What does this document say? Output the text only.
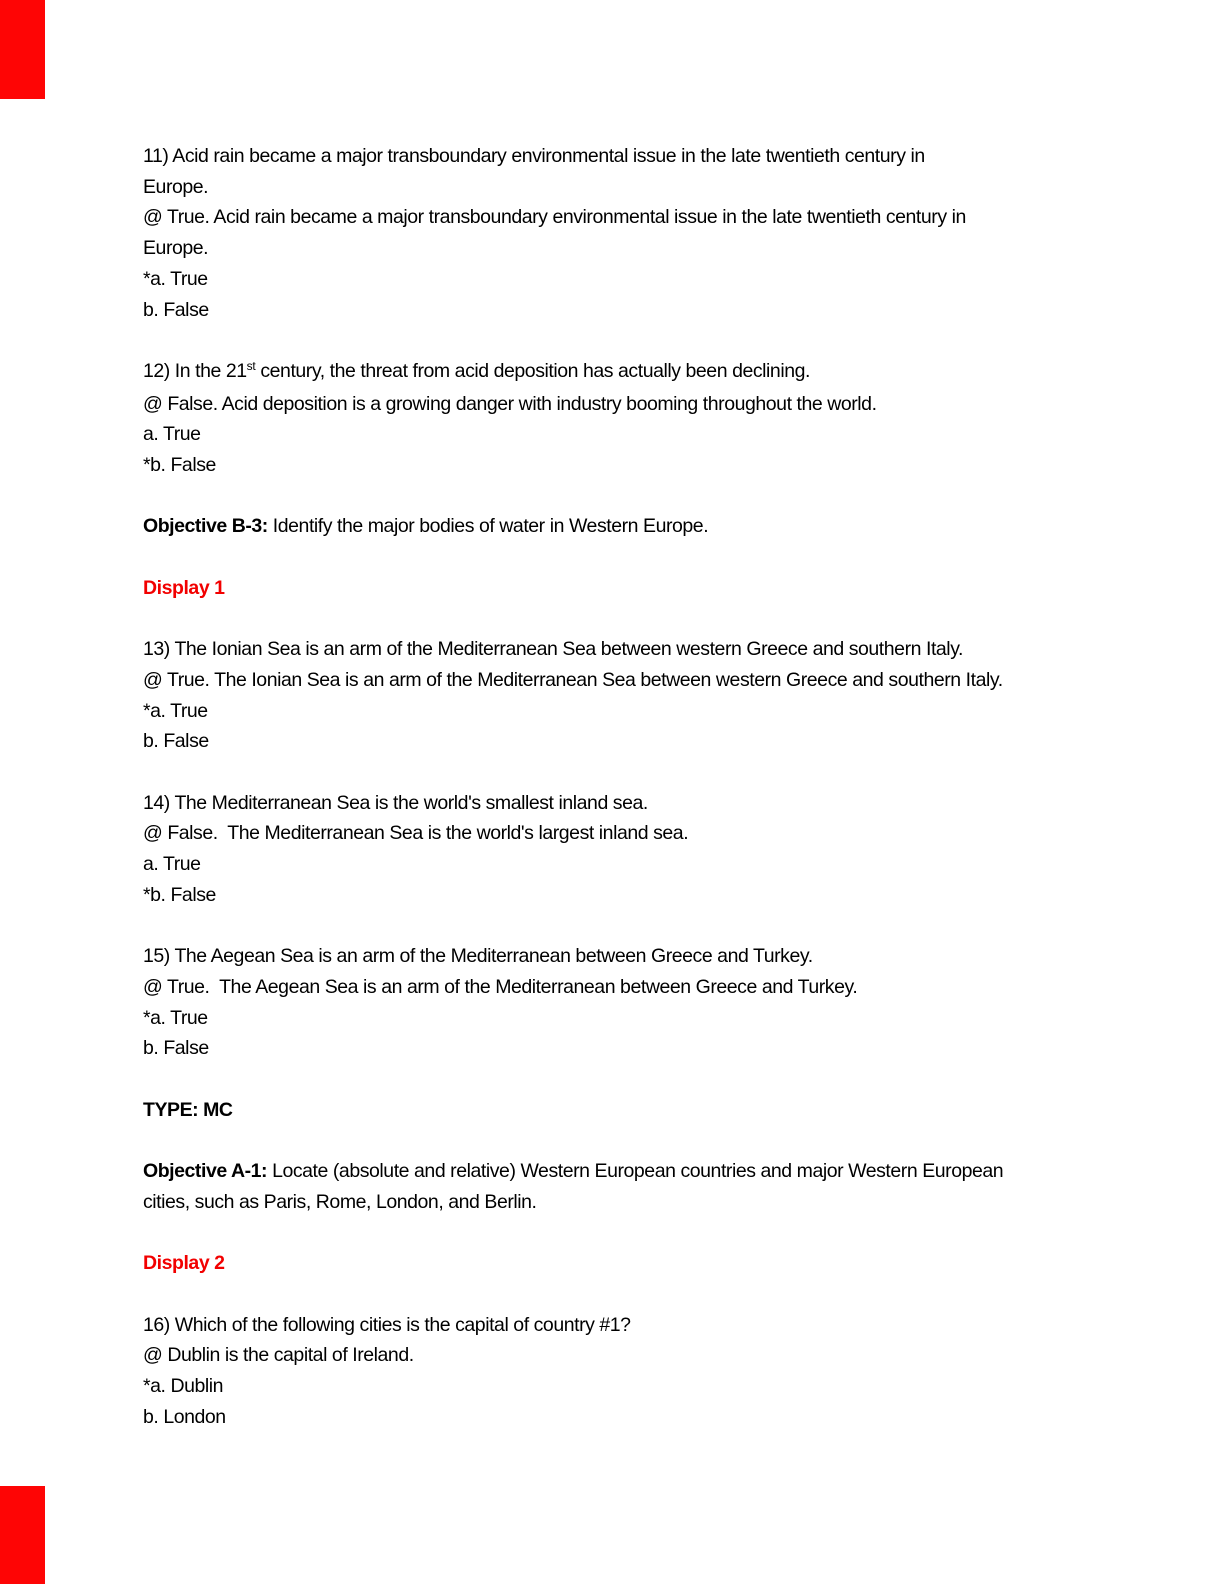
11) Acid rain became a major transboundary environmental issue in the late twentieth century in
Europe.
@ True. Acid rain became a major transboundary environmental issue in the late twentieth century in
Europe.
*a. True
b. False
12) In the 21st century, the threat from acid deposition has actually been declining.
@ False. Acid deposition is a growing danger with industry booming throughout the world.
a. True
*b. False
Objective B-3: Identify the major bodies of water in Western Europe.
Display 1
13) The Ionian Sea is an arm of the Mediterranean Sea between western Greece and southern Italy.
@ True. The Ionian Sea is an arm of the Mediterranean Sea between western Greece and southern Italy.
*a. True
b. False
14) The Mediterranean Sea is the world's smallest inland sea.
@ False.  The Mediterranean Sea is the world's largest inland sea.
a. True
*b. False
15) The Aegean Sea is an arm of the Mediterranean between Greece and Turkey.
@ True.  The Aegean Sea is an arm of the Mediterranean between Greece and Turkey.
*a. True
b. False
TYPE: MC
Objective A-1: Locate (absolute and relative) Western European countries and major Western European
cities, such as Paris, Rome, London, and Berlin.
Display 2
16) Which of the following cities is the capital of country #1?
@ Dublin is the capital of Ireland.
*a. Dublin
b. London
